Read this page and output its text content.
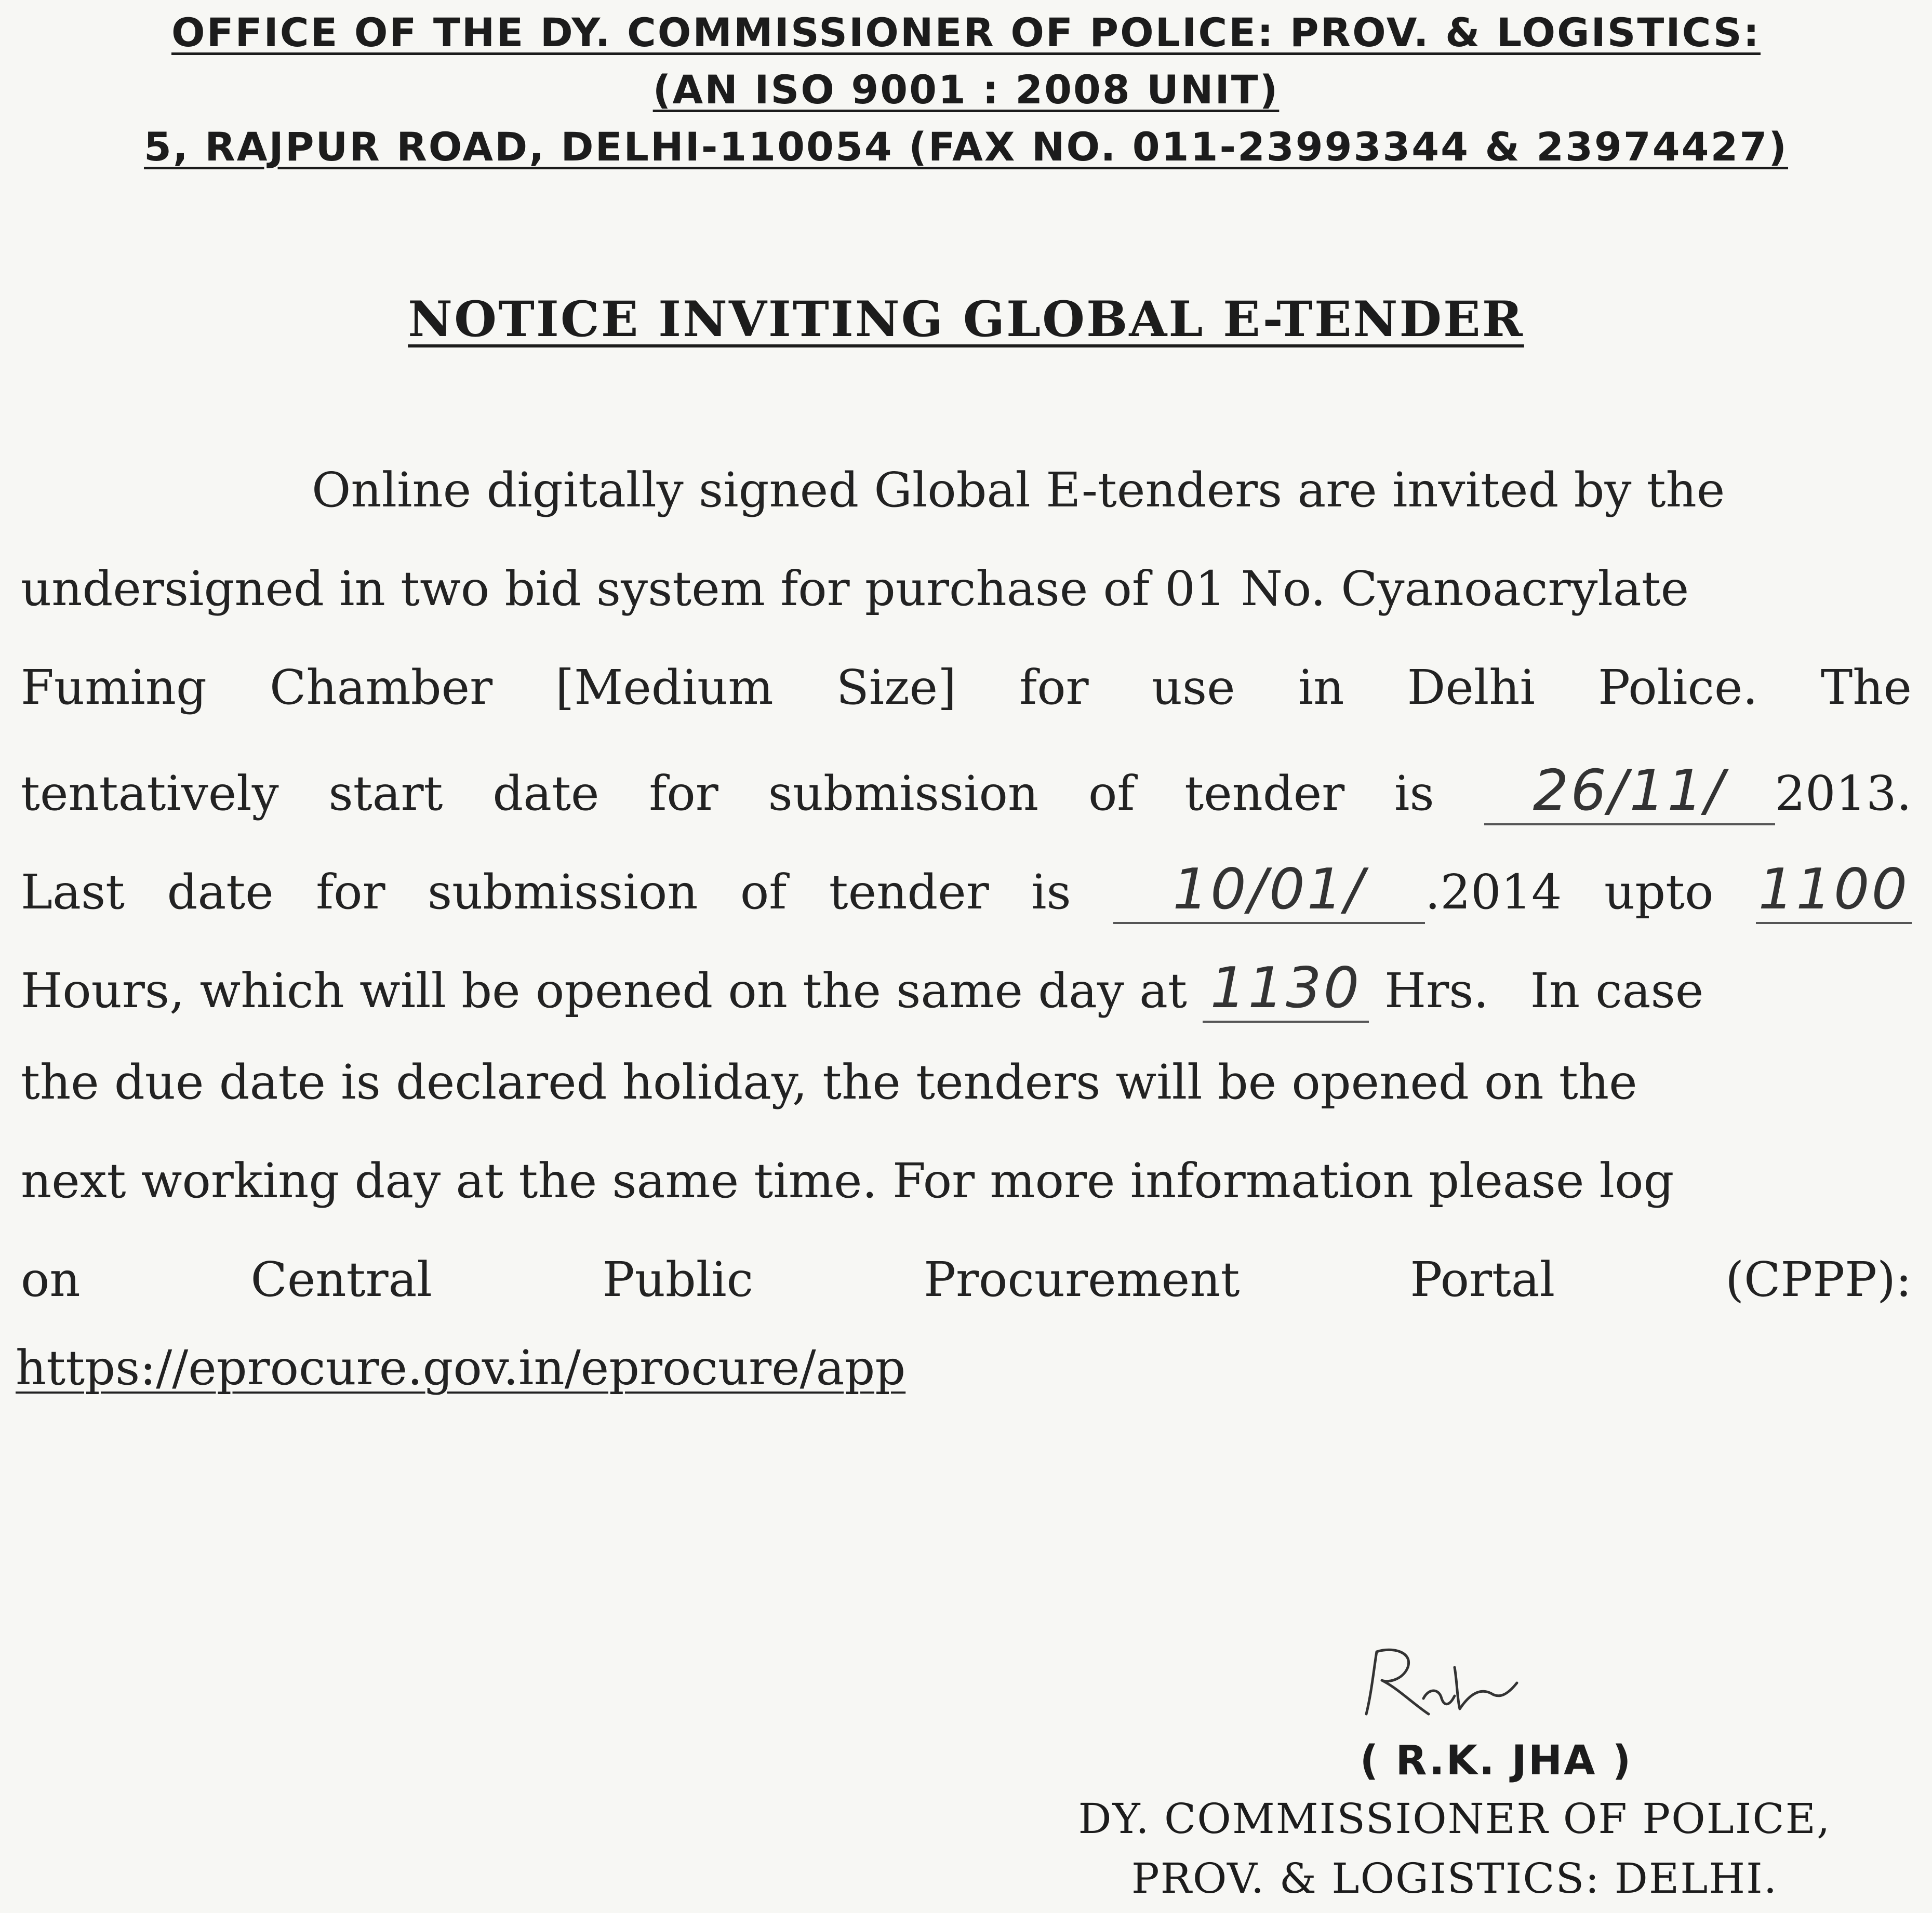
OFFICE OF THE DY. COMMISSIONER OF POLICE: PROV. & LOGISTICS:
(AN ISO 9001 : 2008 UNIT)
5, RAJPUR ROAD, DELHI-110054 (FAX NO. 011-23993344 & 23974427)
NOTICE INVITING GLOBAL E-TENDER
Online digitally signed Global E-tenders are invited by the
undersigned in two bid system for purchase of 01 No. Cyanoacrylate
Fuming Chamber [Medium Size] for use in Delhi Police. The
tentatively start date for submission of tender is	26/11/ 2013.
Last date for submission of tender is	10/01/ .2014 upto 1100
Hours, which will be opened on the same day at 1130 Hrs. In case
the due date is declared holiday, the tenders will be opened on the
next working day at the same time. For more information please log
on	Central	Public	Procurement	Portal	(CPPP):
https://eprocure.gov.in/eprocure/app
( R.K. JHA )
DY. COMMISSIONER OF POLICE,
PROV. & LOGISTICS: DELHI.
